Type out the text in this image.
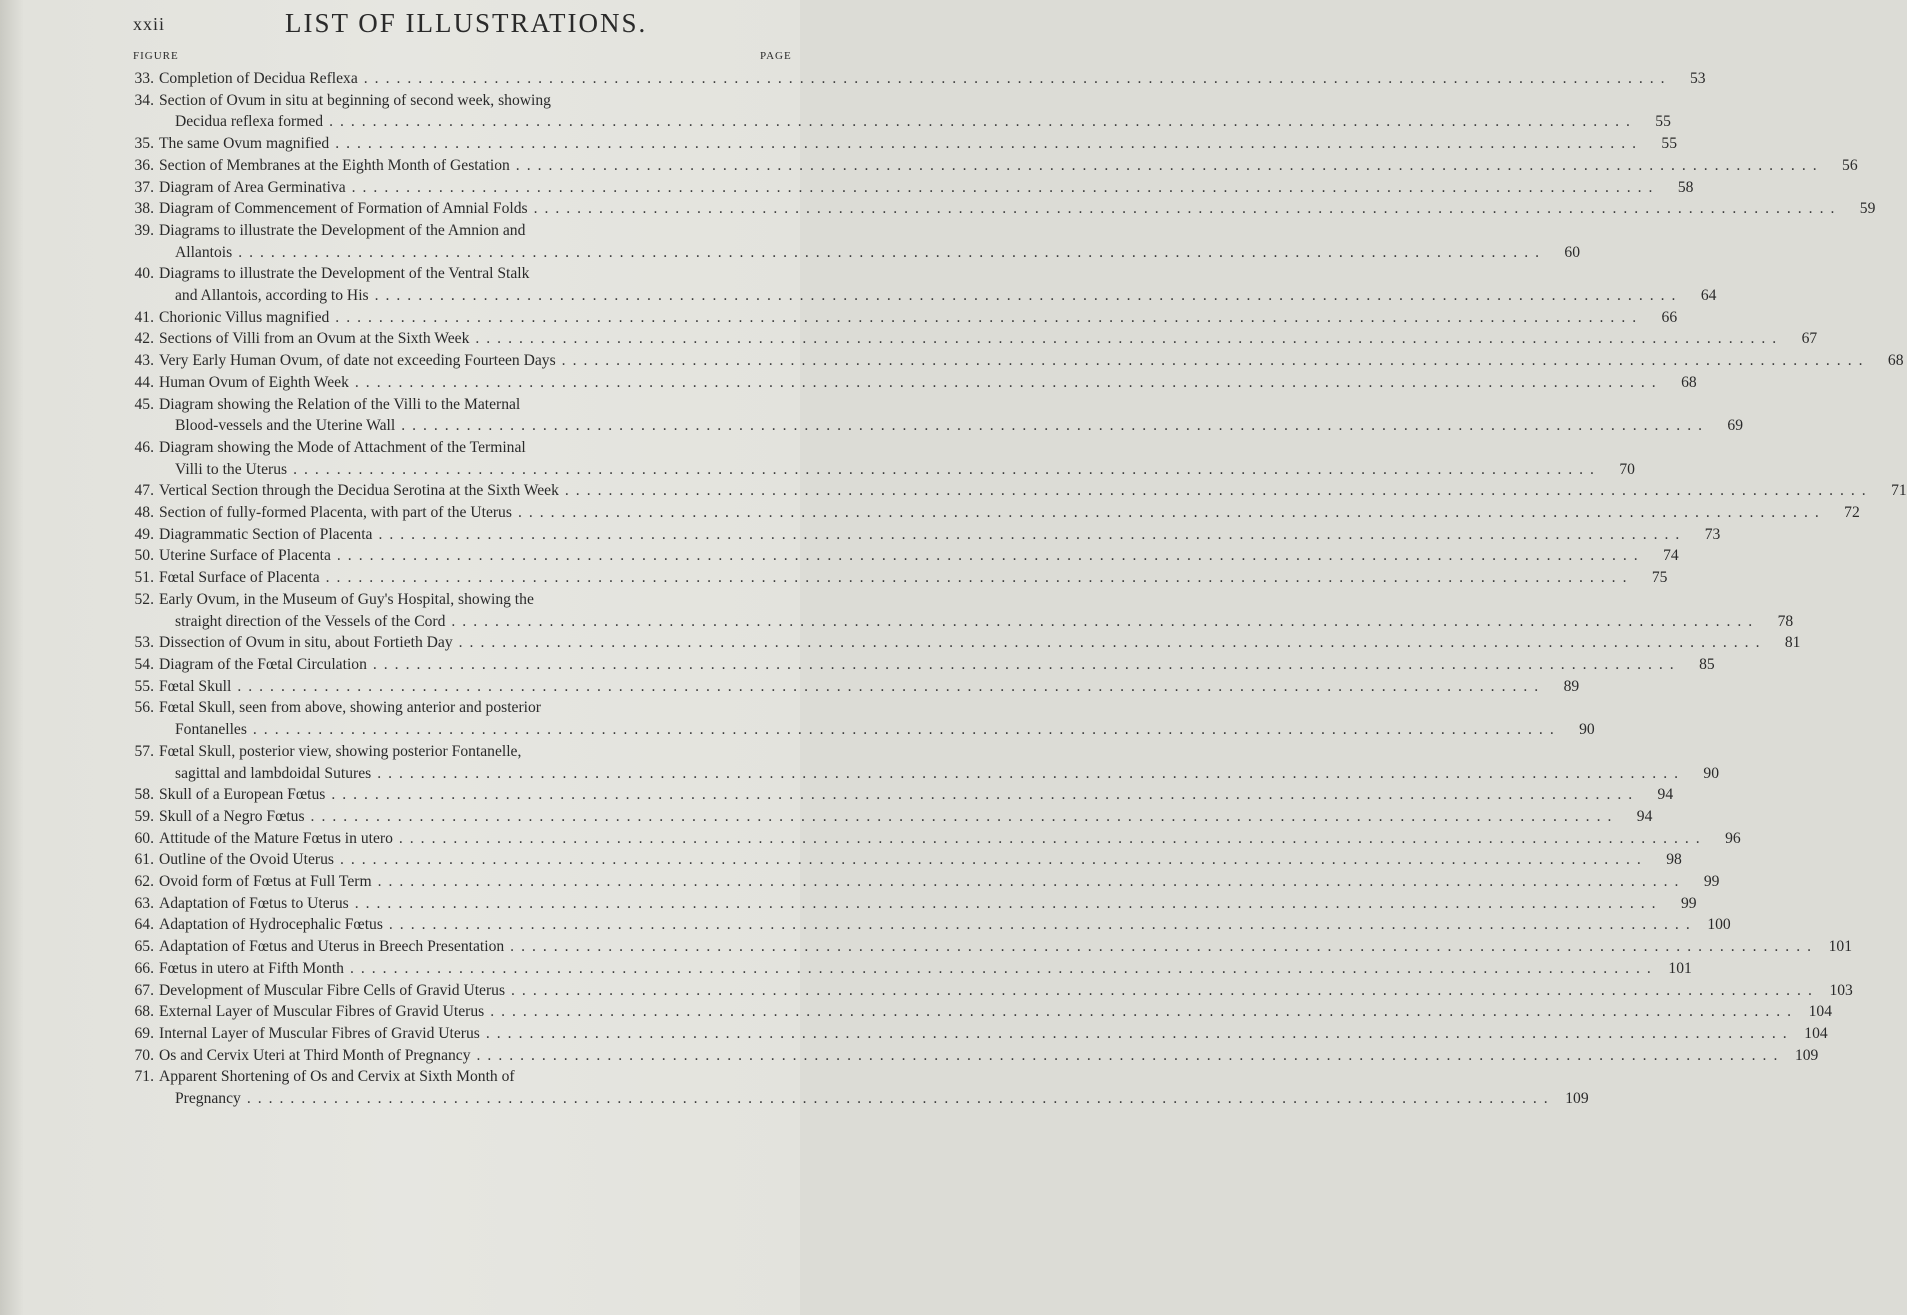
xxii	LIST OF ILLUSTRATIONS.
FIGURE	PAGE
33. Completion of Decidua Reflexa ........................................................................................................................	53
34. Section of Ovum in situ at beginning of second week, showing
Decidua reflexa formed ........................................................................................................................	55
35. The same Ovum magnified ........................................................................................................................	55
36. Section of Membranes at the Eighth Month of Gestation ........................................................................................................................	56
37. Diagram of Area Germinativa ........................................................................................................................	58
38. Diagram of Commencement of Formation of Amnial Folds ........................................................................................................................	59
39. Diagrams to illustrate the Development of the Amnion and
Allantois ........................................................................................................................	60
40. Diagrams to illustrate the Development of the Ventral Stalk
and Allantois, according to His ........................................................................................................................	64
41. Chorionic Villus magnified ........................................................................................................................	66
42. Sections of Villi from an Ovum at the Sixth Week ........................................................................................................................	67
43. Very Early Human Ovum, of date not exceeding Fourteen Days ........................................................................................................................	68
44. Human Ovum of Eighth Week ........................................................................................................................	68
45. Diagram showing the Relation of the Villi to the Maternal
Blood-vessels and the Uterine Wall ........................................................................................................................	69
46. Diagram showing the Mode of Attachment of the Terminal
Villi to the Uterus ........................................................................................................................	70
47. Vertical Section through the Decidua Serotina at the Sixth Week ........................................................................................................................	71
48. Section of fully-formed Placenta, with part of the Uterus ........................................................................................................................	72
49. Diagrammatic Section of Placenta ........................................................................................................................	73
50. Uterine Surface of Placenta ........................................................................................................................	74
51. Fœtal Surface of Placenta ........................................................................................................................	75
52. Early Ovum, in the Museum of Guy's Hospital, showing the
straight direction of the Vessels of the Cord ........................................................................................................................	78
53. Dissection of Ovum in situ, about Fortieth Day ........................................................................................................................	81
54. Diagram of the Fœtal Circulation ........................................................................................................................	85
55. Fœtal Skull ........................................................................................................................	89
56. Fœtal Skull, seen from above, showing anterior and posterior
Fontanelles ........................................................................................................................	90
57. Fœtal Skull, posterior view, showing posterior Fontanelle,
sagittal and lambdoidal Sutures ........................................................................................................................	90
58. Skull of a European Fœtus ........................................................................................................................	94
59. Skull of a Negro Fœtus ........................................................................................................................	94
60. Attitude of the Mature Fœtus in utero ........................................................................................................................	96
61. Outline of the Ovoid Uterus ........................................................................................................................	98
62. Ovoid form of Fœtus at Full Term ........................................................................................................................	99
63. Adaptation of Fœtus to Uterus ........................................................................................................................	99
64. Adaptation of Hydrocephalic Fœtus ........................................................................................................................ 100
65. Adaptation of Fœtus and Uterus in Breech Presentation ........................................................................................................................ 101
66. Fœtus in utero at Fifth Month ........................................................................................................................ 101
67. Development of Muscular Fibre Cells of Gravid Uterus ........................................................................................................................ 103
68. External Layer of Muscular Fibres of Gravid Uterus ........................................................................................................................ 104
69. Internal Layer of Muscular Fibres of Gravid Uterus ........................................................................................................................ 104
70. Os and Cervix Uteri at Third Month of Pregnancy ........................................................................................................................ 109
71. Apparent Shortening of Os and Cervix at Sixth Month of
Pregnancy ........................................................................................................................ 109
